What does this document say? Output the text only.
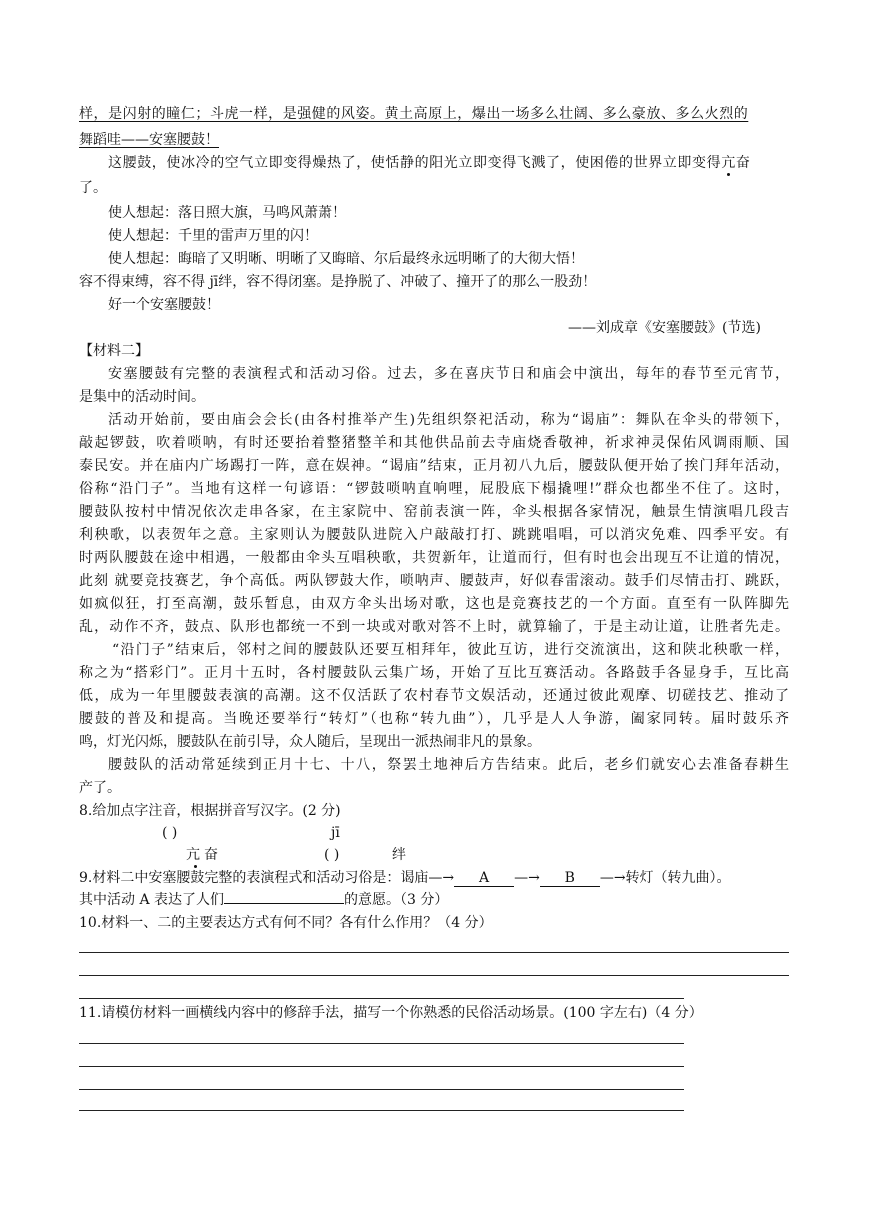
样，是闪射的瞳仁；斗虎一样，是强健的风姿。黄土高原上，爆出一场多么壮阔、多么豪放、多么火烈的
舞蹈哇——安塞腰鼓！
这腰鼓，使冰冷的空气立即变得燥热了，使恬静的阳光立即变得飞溅了，使困倦的世界立即变得亢奋
了。
使人想起：落日照大旗，马鸣风萧萧！
使人想起：千里的雷声万里的闪！
使人想起：晦暗了又明晰、明晰了又晦暗、尔后最终永远明晰了的大彻大悟！
容不得束缚，容不得 jī绊，容不得闭塞。是挣脱了、冲破了、撞开了的那么一股劲！
好一个安塞腰鼓！
——刘成章《安塞腰鼓》(节选)
【材料二】
安塞腰鼓有完整的表演程式和活动习俗。过去，多在喜庆节日和庙会中演出，每年的春节至元宵节，
是集中的活动时间。
活动开始前，要由庙会会长(由各村推举产生)先组织祭祀活动，称为“谒庙”：舞队在伞头的带领下，
敲起锣鼓，吹着唢呐，有时还要抬着整猪整羊和其他供品前去寺庙烧香敬神，祈求神灵保佑风调雨顺、国
泰民安。并在庙内广场踢打一阵，意在娱神。“谒庙”结束，正月初八九后，腰鼓队便开始了挨门拜年活动，
俗称“沿门子”。当地有这样一句谚语：“锣鼓唢呐直响哩，屁股底下榻撬哩!”群众也都坐不住了。这时，
腰鼓队按村中情况依次走串各家，在主家院中、窑前表演一阵，伞头根据各家情况，触景生情演唱几段吉
利秧歌，以表贺年之意。主家则认为腰鼓队进院入户敲敲打打、跳跳唱唱，可以消灾免难、四季平安。有
时两队腰鼓在途中相遇，一般都由伞头互唱秧歌，共贺新年，让道而行，但有时也会出现互不让道的情况，
此刻 就要竞技赛艺，争个高低。两队锣鼓大作，唢呐声、腰鼓声，好似春雷滚动。鼓手们尽情击打、跳跃，
如疯似狂，打至高潮，鼓乐暂息，由双方伞头出场对歌，这也是竞赛技艺的一个方面。直至有一队阵脚先
乱，动作不齐，鼓点、队形也都统一不到一块或对歌对答不上时，就算输了，于是主动让道，让胜者先走。
“沿门子”结束后，邻村之间的腰鼓队还要互相拜年，彼此互访，进行交流演出，这和陕北秧歌一样，
称之为“搭彩门”。正月十五时，各村腰鼓队云集广场，开始了互比互赛活动。各路鼓手各显身手，互比高
低，成为一年里腰鼓表演的高潮。这不仅活跃了农村春节文娱活动，还通过彼此观摩、切磋技艺、推动了
腰鼓的普及和提高。当晚还要举行“转灯”（也称“转九曲”），几乎是人人争游，阖家同转。届时鼓乐齐
鸣，灯光闪烁，腰鼓队在前引导，众人随后，呈现出一派热闹非凡的景象。
腰鼓队的活动常延续到正月十七、十八，祭罢土地神后方告结束。此后，老乡们就安心去准备春耕生
产了。
8.给加点字注音，根据拼音写汉字。(2 分)
( )	jī
亢奋	( )	绊
9.材料二中安塞腰鼓完整的表演程式和活动习俗是：谒庙—→ A —→ B —→转灯（转九曲）。
其中活动 A 表达了人们	的意愿。（3 分）
10.材料一、二的主要表达方式有何不同？各有什么作用？（4 分）
11.请模仿材料一画横线内容中的修辞手法，描写一个你熟悉的民俗活动场景。(100 字左右)（4 分）
